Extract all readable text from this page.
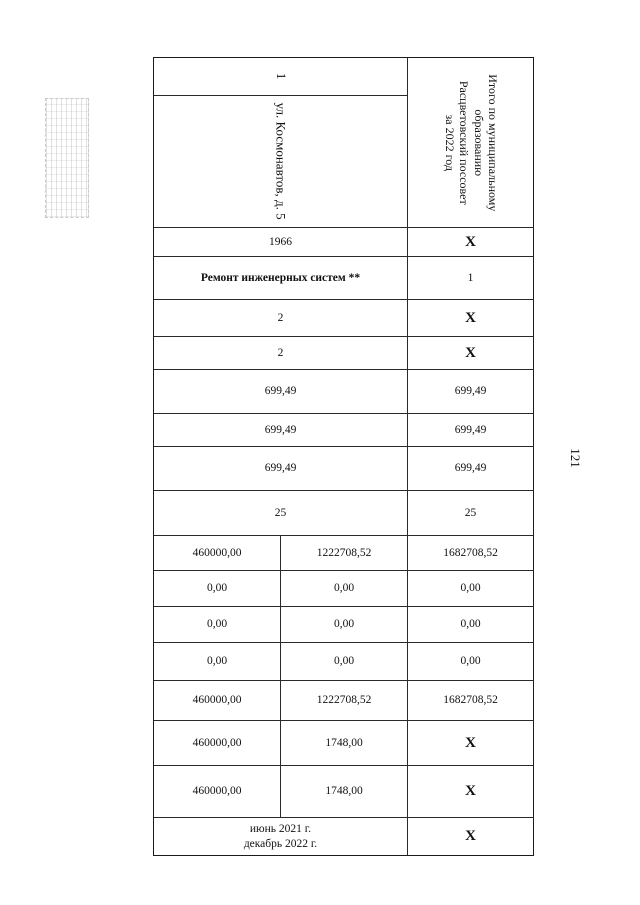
121
1
ул. Космонавтов, д. 5
Итого по муниципальному
образованию
Расцветовский поссовет
за 2022 год
1966	Х
Ремонт инженерных систем **	1
2	Х
2	Х
699,49	699,49
699,49	699,49
699,49	699,49
25	25
460000,00	1222708,52	1682708,52
0,00	0,00	0,00
0,00	0,00	0,00
0,00	0,00	0,00
460000,00	1222708,52	1682708,52
460000,00	1748,00	Х
460000,00	1748,00	Х
июнь 2021 г.
декабрь 2022 г.	Х
